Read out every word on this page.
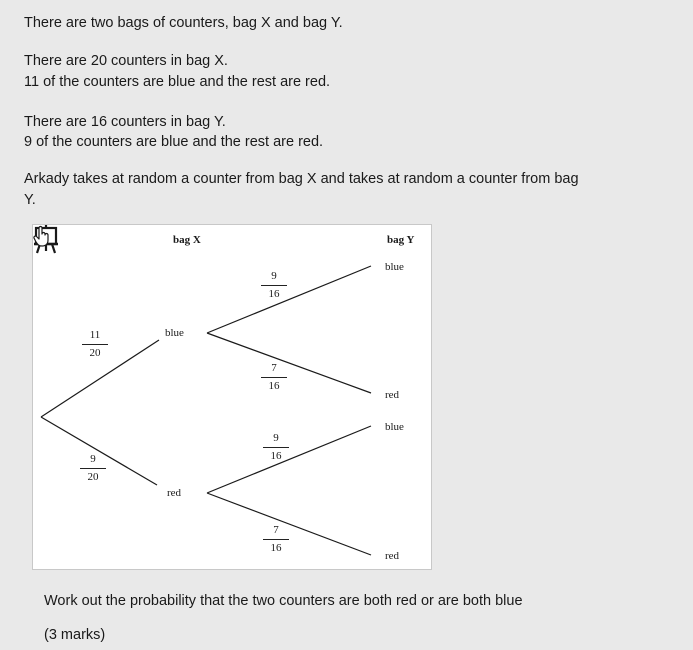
There are two bags of counters, bag X and bag Y.
There are 20 counters in bag X.
11 of the counters are blue and the rest are red.
There are 16 counters in bag Y.
9 of the counters are blue and the rest are red.
Arkady takes at random a counter from bag X and takes at random a counter from bag
Y.
bag X	bag Y
blue
red
blue
red
blue
red
11
20
9
20
9
16
7
16
9
16
7
16
Work out the probability that the two counters are both red or are both blue
(3 marks)
